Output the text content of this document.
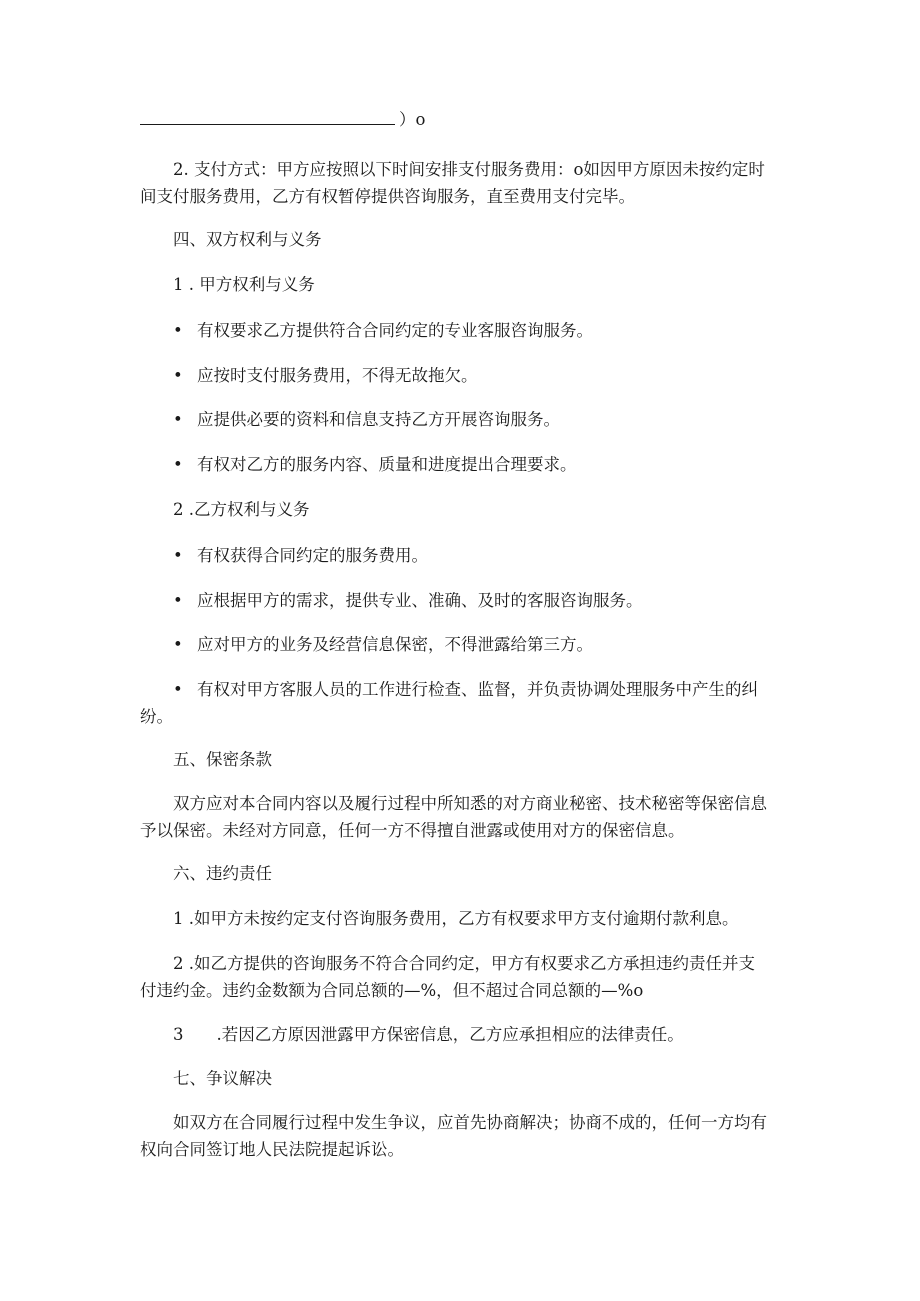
）o
2. 支付方式：甲方应按照以下时间安排支付服务费用：o如因甲方原因未按约定时
间支付服务费用，乙方有权暂停提供咨询服务，直至费用支付完毕。
四、双方权利与义务
1 . 甲方权利与义务
• 有权要求乙方提供符合合同约定的专业客服咨询服务。
• 应按时支付服务费用，不得无故拖欠。
• 应提供必要的资料和信息支持乙方开展咨询服务。
• 有权对乙方的服务内容、质量和进度提出合理要求。
2 .乙方权利与义务
• 有权获得合同约定的服务费用。
• 应根据甲方的需求，提供专业、准确、及时的客服咨询服务。
• 应对甲方的业务及经营信息保密，不得泄露给第三方。
• 有权对甲方客服人员的工作进行检查、监督，并负责协调处理服务中产生的纠
纷。
五、保密条款
双方应对本合同内容以及履行过程中所知悉的对方商业秘密、技术秘密等保密信息
予以保密。未经对方同意，任何一方不得擅自泄露或使用对方的保密信息。
六、违约责任
1 .如甲方未按约定支付咨询服务费用，乙方有权要求甲方支付逾期付款利息。
2 .如乙方提供的咨询服务不符合合同约定，甲方有权要求乙方承担违约责任并支
付违约金。违约金数额为合同总额的—%，但不超过合同总额的—%o
3　　.若因乙方原因泄露甲方保密信息，乙方应承担相应的法律责任。
七、争议解决
如双方在合同履行过程中发生争议，应首先协商解决；协商不成的，任何一方均有
权向合同签订地人民法院提起诉讼。
